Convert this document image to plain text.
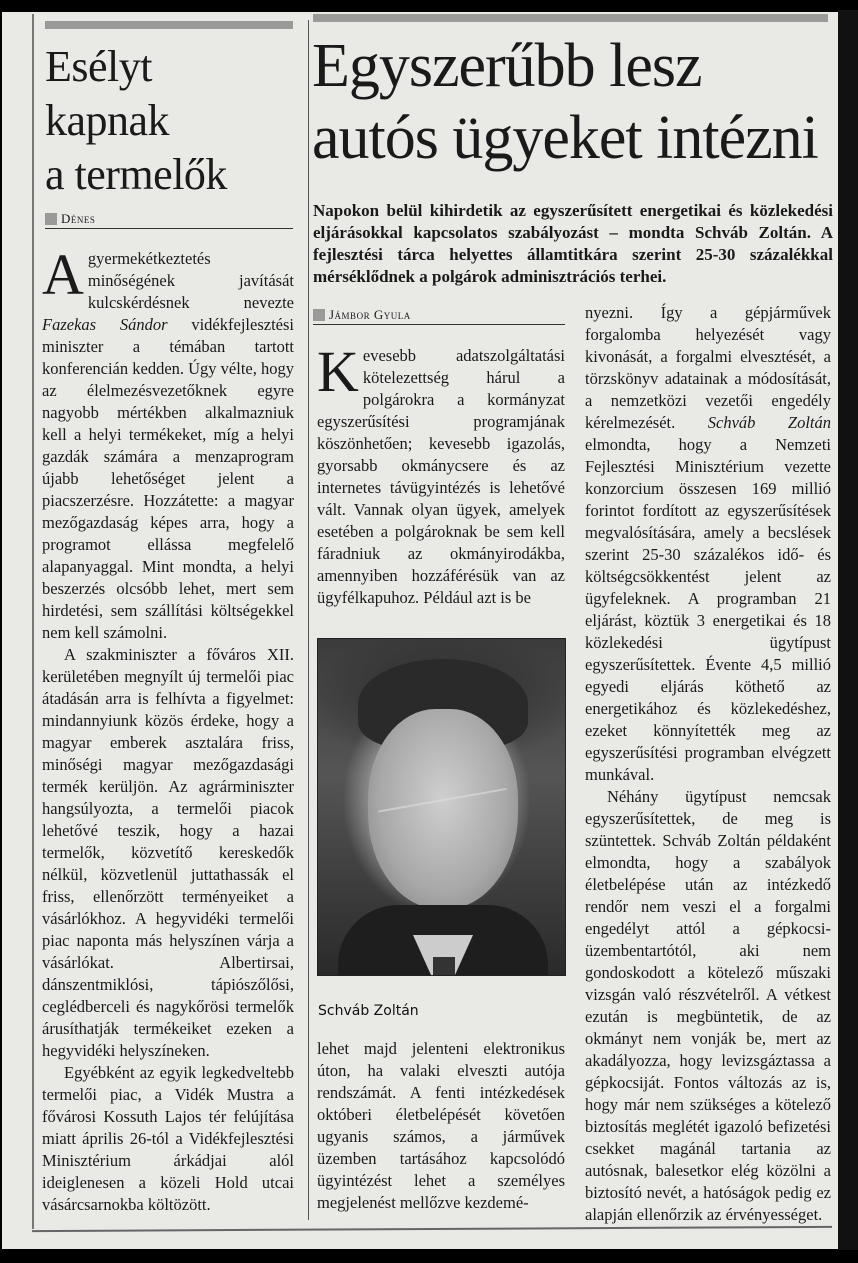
Esélyt
kapnak
a termelők
Dénes

Agyermekétkeztetés minőségének javítását kulcskérdésnek nevezte Fazekas Sándor vidékfejlesztési miniszter a témában tartott konferencián kedden. Úgy vélte, hogy az élelmezésvezetőknek egyre nagyobb mértékben alkalmazniuk kell a helyi termékeket, míg a helyi gazdák számára a menzaprogram újabb lehetőséget jelent a piacszerzésre. Hozzátette: a magyar mezőgazdaság képes arra, hogy a programot ellássa megfelelő alapanyaggal. Mint mondta, a helyi beszerzés olcsóbb lehet, mert sem hirdetési, sem szállítási költségekkel nem kell számolni.

A szakminiszter a főváros XII. kerületében megnyílt új termelői piac átadásán arra is felhívta a figyelmet: mindannyiunk közös érdeke, hogy a magyar emberek asztalára friss, minőségi magyar mezőgazdasági termék kerüljön. Az agrárminiszter hangsúlyozta, a termelői piacok lehetővé teszik, hogy a hazai termelők, közvetítő kereskedők nélkül, közvetlenül juttathassák el friss, ellenőrzött terményeiket a vásárlókhoz. A hegyvidéki termelői piac naponta más helyszínen várja a vásárlókat. Albertirsai, dánszentmiklósi, tápiószőlősi, ceglédberceli és nagykőrösi termelők árusíthatják termékeiket ezeken a hegyvidéki helyszíneken.

Egyébként az egyik legkedveltebb termelői piac, a Vidék Mustra a fővárosi Kossuth Lajos tér felújítása miatt április 26-tól a Vidékfejlesztési Minisztérium árkádjai alól ideiglenesen a közeli Hold utcai vásárcsarnokba költözött.

Egyszerűbb lesz
autós ügyeket intézni

Napokon belül kihirdetik az egyszerűsített energetikai és közlekedési eljárásokkal kapcsolatos szabályozást – mondta Schváb Zoltán. A fejlesztési tárca helyettes államtitkára szerint 25-30 százalékkal mérséklődnek a polgárok adminisztrációs terhei.

Jámbor Gyula

Kevesebb adatszolgáltatási kötelezettség hárul a polgárokra a kormányzat egyszerűsítési programjának köszönhetően; kevesebb igazolás, gyorsabb okmánycsere és az internetes távügyintézés is lehetővé vált. Vannak olyan ügyek, amelyek esetében a polgároknak be sem kell fáradniuk az okmányirodákba, amennyiben hozzáférésük van az ügyfélkapuhoz. Például azt is be

Schváb Zoltán

lehet majd jelenteni elektronikus úton, ha valaki elveszti autója rendszámát. A fenti intézkedések októberi életbelépését követően ugyanis számos, a járművek üzemben tartásához kapcsolódó ügyintézést lehet a személyes megjelenést mellőzve kezdemé-

nyezni. Így a gépjárművek forgalomba helyezését vagy kivonását, a forgalmi elvesztését, a törzskönyv adatainak a módosítását, a nemzetközi vezetői engedély kérelmezését. Schváb Zoltán elmondta, hogy a Nemzeti Fejlesztési Minisztérium vezette konzorcium összesen 169 millió forintot fordított az egyszerűsítések megvalósítására, amely a becslések szerint 25-30 százalékos idő- és költségcsökkentést jelent az ügyfeleknek. A programban 21 eljárást, köztük 3 energetikai és 18 közlekedési ügytípust egyszerűsítettek. Évente 4,5 millió egyedi eljárás köthető az energetikához és közlekedéshez, ezeket könnyítették meg az egyszerűsítési programban elvégzett munkával.

Néhány ügytípust nemcsak egyszerűsítettek, de meg is szüntettek. Schváb Zoltán példaként elmondta, hogy a szabályok életbelépése után az intézkedő rendőr nem veszi el a forgalmi engedélyt attól a gépkocsi-üzembentartótól, aki nem gondoskodott a kötelező műszaki vizsgán való részvételről. A vétkest ezután is megbüntetik, de az okmányt nem vonják be, mert az akadályozza, hogy levizsgáztassa a gépkocsiját. Fontos változás az is, hogy már nem szükséges a kötelező biztosítás meglétét igazoló befizetési csekket magánál tartania az autósnak, balesetkor elég közölni a biztosító nevét, a hatóságok pedig ez alapján ellenőrzik az érvényességet.
